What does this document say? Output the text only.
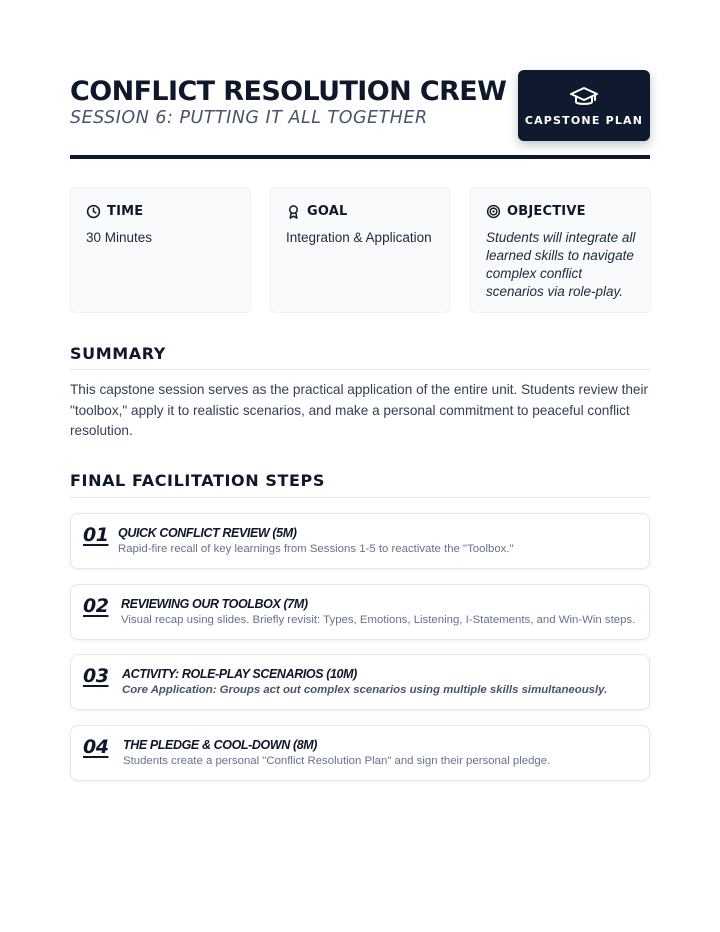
CONFLICT RESOLUTION CREW
SESSION 6: PUTTING IT ALL TOGETHER	CAPSTONE PLAN
TIME
30 Minutes
GOAL
Integration & Application
OBJECTIVE
Students will integrate all learned skills to navigate complex conflict scenarios via role-play.
SUMMARY

This capstone session serves as the practical application of the entire unit. Students review their "toolbox," apply it to realistic scenarios, and make a personal commitment to peaceful conflict resolution.

FINAL FACILITATION STEPS
01 QUICK CONFLICT REVIEW (5M)
Rapid-fire recall of key learnings from Sessions 1-5 to reactivate the "Toolbox."
02 REVIEWING OUR TOOLBOX (7M)
Visual recap using slides. Briefly revisit: Types, Emotions, Listening, I-Statements, and Win-Win steps.
03 ACTIVITY: ROLE-PLAY SCENARIOS (10M)
Core Application: Groups act out complex scenarios using multiple skills simultaneously.
04 THE PLEDGE & COOL-DOWN (8M)
Students create a personal "Conflict Resolution Plan" and sign their personal pledge.
